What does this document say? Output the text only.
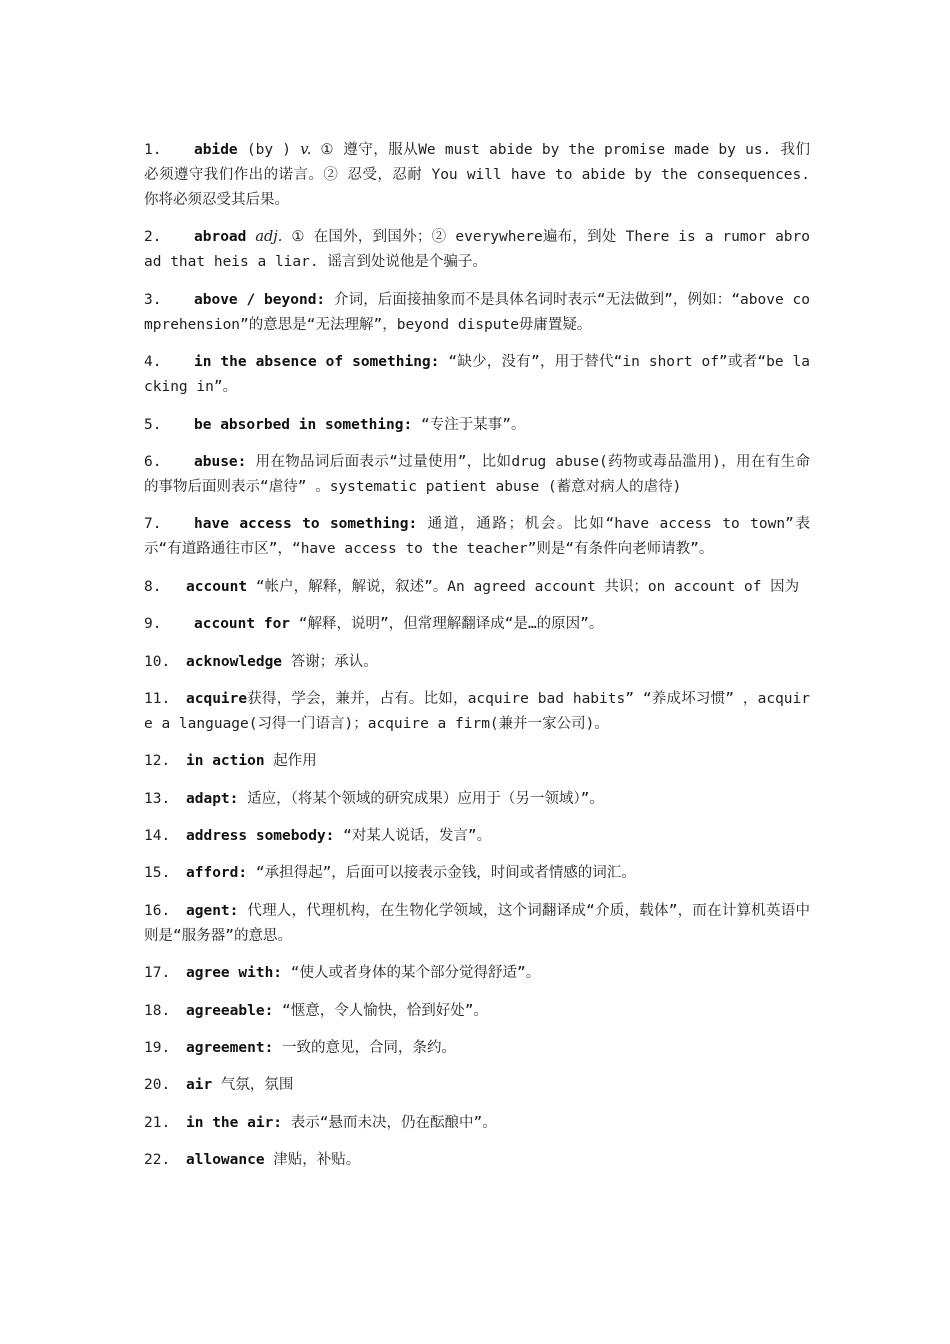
1. abide (by ) v. ① 遵守，服从We must abide by the promise made by us. 我们必须遵守我们作出的诺言。② 忍受，忍耐 You will have to abide by the consequences. 你将必须忍受其后果。

2. abroad adj. ① 在国外，到国外；② everywhere遍布，到处 There is a rumor abroad that heis a liar. 谣言到处说他是个骗子。

3. above / beyond: 介词，后面接抽象而不是具体名词时表示“无法做到”，例如：“above comprehension”的意思是“无法理解”，beyond dispute毋庸置疑。

4. in the absence of something: “缺少，没有”，用于替代“in short of”或者“be lacking in”。

5. be absorbed in something: “专注于某事”。

6. abuse: 用在物品词后面表示“过量使用”，比如drug abuse(药物或毒品滥用)，用在有生命的事物后面则表示“虐待” 。systematic patient abuse (蓄意对病人的虐待)

7. have access to something: 通道，通路；机会。比如“have access to town”表示“有道路通往市区”，“have access to the teacher”则是“有条件向老师请教”。

8. account “帐户，解释，解说，叙述”。An agreed account 共识；on account of 因为

9. account for “解释，说明”，但常理解翻译成“是…的原因”。

10. acknowledge 答谢；承认。

11. acquire获得，学会，兼并，占有。比如，acquire bad habits” “养成坏习惯” ，acquire a language(习得一门语言)；acquire a firm(兼并一家公司)。

12. in action 起作用

13. adapt: 适应，（将某个领域的研究成果）应用于（另一领域）”。

14. address somebody: “对某人说话，发言”。

15. afford: “承担得起”，后面可以接表示金钱，时间或者情感的词汇。

16. agent: 代理人，代理机构，在生物化学领域，这个词翻译成“介质，载体”，而在计算机英语中则是“服务器”的意思。

17. agree with: “使人或者身体的某个部分觉得舒适”。

18. agreeable: “惬意，令人愉快，恰到好处”。

19. agreement: 一致的意见，合同，条约。

20. air 气氛，氛围

21. in the air: 表示“悬而未决，仍在酝酿中”。

22. allowance 津贴，补贴。
